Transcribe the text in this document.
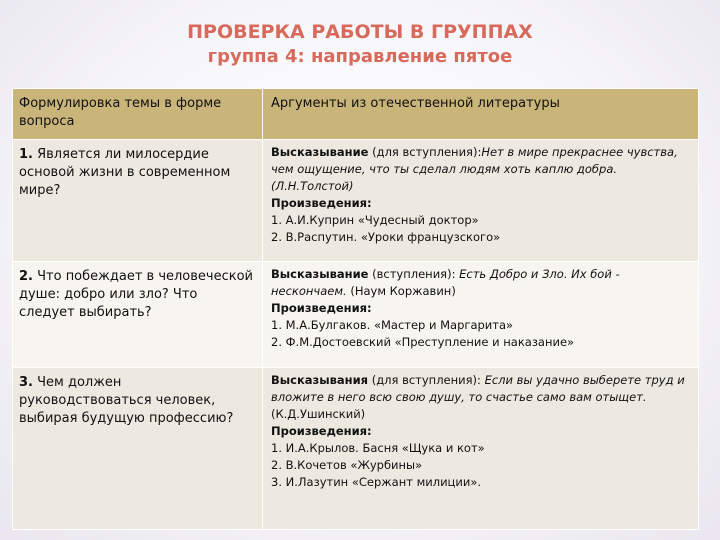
ПРОВЕРКА РАБОТЫ В ГРУППАХ
группа 4: направление пятое
Формулировка темы в форме вопроса	Аргументы из отечественной литературы
1. Является ли милосердие основой жизни в современном мире?	Высказывание (для вступления):Нет в мире прекраснее чувства, чем ощущение, что ты сделал людям хоть каплю добра. (Л.Н.Толстой)
Произведения:
1. А.И.Куприн «Чудесный доктор»
2. В.Распутин. «Уроки французского»

2. Что побеждает в человеческой душе: добро или зло? Что следует выбирать?	Высказывание (вступления): Есть Добро и Зло. Их бой - нескончаем. (Наум Коржавин)
Произведения:
1. М.А.Булгаков. «Мастер и Маргарита»
2. Ф.М.Достоевский «Преступление и наказание»

3. Чем должен руководствоваться человек, выбирая будущую профессию?	Высказывания (для вступления): Если вы удачно выберете труд и вложите в него всю свою душу, то счастье само вам отыщет. (К.Д.Ушинский)
Произведения:
1. И.А.Крылов. Басня «Щука и кот»
2. В.Кочетов «Журбины»
3. И.Лазутин «Сержант милиции».
